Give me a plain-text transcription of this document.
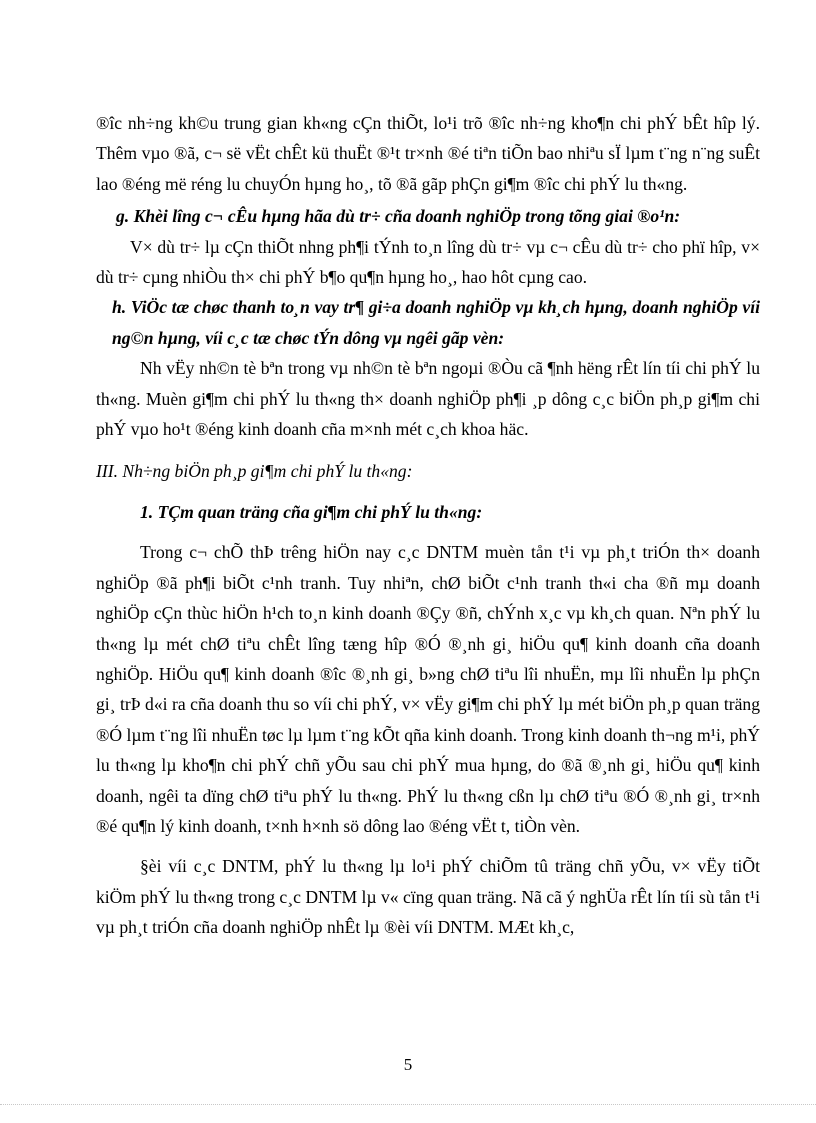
®îc nh÷ng kh©u trung gian kh«ng cÇn thiÕt, lo¹i trõ ®îc nh÷ng kho¶n chi phÝ bÊt hîp lý. Thêm vµo ®ã, c¬ së vËt chÊt kü thuËt ®¹t tr×nh ®é tiªn tiÕn bao nhiªu sÏ lµm t¨ng n¨ng suÊt lao ®éng më réng lu chuyÓn hµng ho¸, tõ ®ã gãp phÇn gi¶m ®îc chi phÝ lu th«ng.

g. Khèi lîng c¬ cÊu hµng hãa dù tr÷ cña doanh nghiÖp trong tõng giai ®o¹n:

V× dù tr÷ lµ cÇn thiÕt nhng ph¶i tÝnh to¸n lîng dù tr÷ vµ c¬ cÊu dù tr÷ cho phï hîp, v× dù tr÷ cµng nhiÒu th× chi phÝ b¶o qu¶n hµng ho¸, hao hôt cµng cao.

h. ViÖc tæ chøc thanh to¸n vay tr¶ gi÷a doanh nghiÖp vµ kh¸ch hµng, doanh nghiÖp víi ng©n hµng, víi c¸c tæ chøc tÝn dông vµ ngêi gãp vèn:

Nh vËy nh©n tè bªn trong vµ nh©n tè bªn ngoµi ®Òu cã ¶nh hëng rÊt lín tíi chi phÝ lu th«ng. Muèn gi¶m chi phÝ lu th«ng th× doanh nghiÖp ph¶i ¸p dông c¸c biÖn ph¸p gi¶m chi phÝ vµo ho¹t ®éng kinh doanh cña m×nh mét c¸ch khoa häc.

III. Nh÷ng biÖn ph¸p gi¶m chi phÝ lu th«ng:

1. TÇm quan träng cña gi¶m chi phÝ lu th«ng:

Trong c¬ chÕ thÞ trêng hiÖn nay c¸c DNTM muèn tån t¹i vµ ph¸t triÓn th× doanh nghiÖp ®ã ph¶i biÕt c¹nh tranh. Tuy nhiªn, chØ biÕt c¹nh tranh th«i cha ®ñ mµ doanh nghiÖp cÇn thùc hiÖn h¹ch to¸n kinh doanh ®Çy ®ñ, chÝnh x¸c vµ kh¸ch quan. Nªn phÝ lu th«ng lµ mét chØ tiªu chÊt lîng tæng hîp ®Ó ®¸nh gi¸ hiÖu qu¶ kinh doanh cña doanh nghiÖp. HiÖu qu¶ kinh doanh ®îc ®¸nh gi¸ b»ng chØ tiªu lîi nhuËn, mµ lîi nhuËn lµ phÇn gi¸ trÞ d«i ra cña doanh thu so víi chi phÝ, v× vËy gi¶m chi phÝ lµ mét biÖn ph¸p quan träng ®Ó lµm t¨ng lîi nhuËn tøc lµ lµm t¨ng kÕt qña kinh doanh. Trong kinh doanh th¬ng m¹i, phÝ lu th«ng lµ kho¶n chi phÝ chñ yÕu sau chi phÝ mua hµng, do ®ã ®¸nh gi¸ hiÖu qu¶ kinh doanh, ngêi ta dïng chØ tiªu phÝ lu th«ng. PhÝ lu th«ng cßn lµ chØ tiªu ®Ó ®¸nh gi¸ tr×nh ®é qu¶n lý kinh doanh, t×nh h×nh sö dông lao ®éng vËt t, tiÒn vèn.

§èi víi c¸c DNTM, phÝ lu th«ng lµ lo¹i phÝ chiÕm tû träng chñ yÕu, v× vËy tiÕt kiÖm phÝ lu th«ng trong c¸c DNTM lµ v« cïng quan träng. Nã cã ý nghÜa rÊt lín tíi sù tån t¹i vµ ph¸t triÓn cña doanh nghiÖp nhÊt lµ ®èi víi DNTM. MÆt kh¸c,

5
